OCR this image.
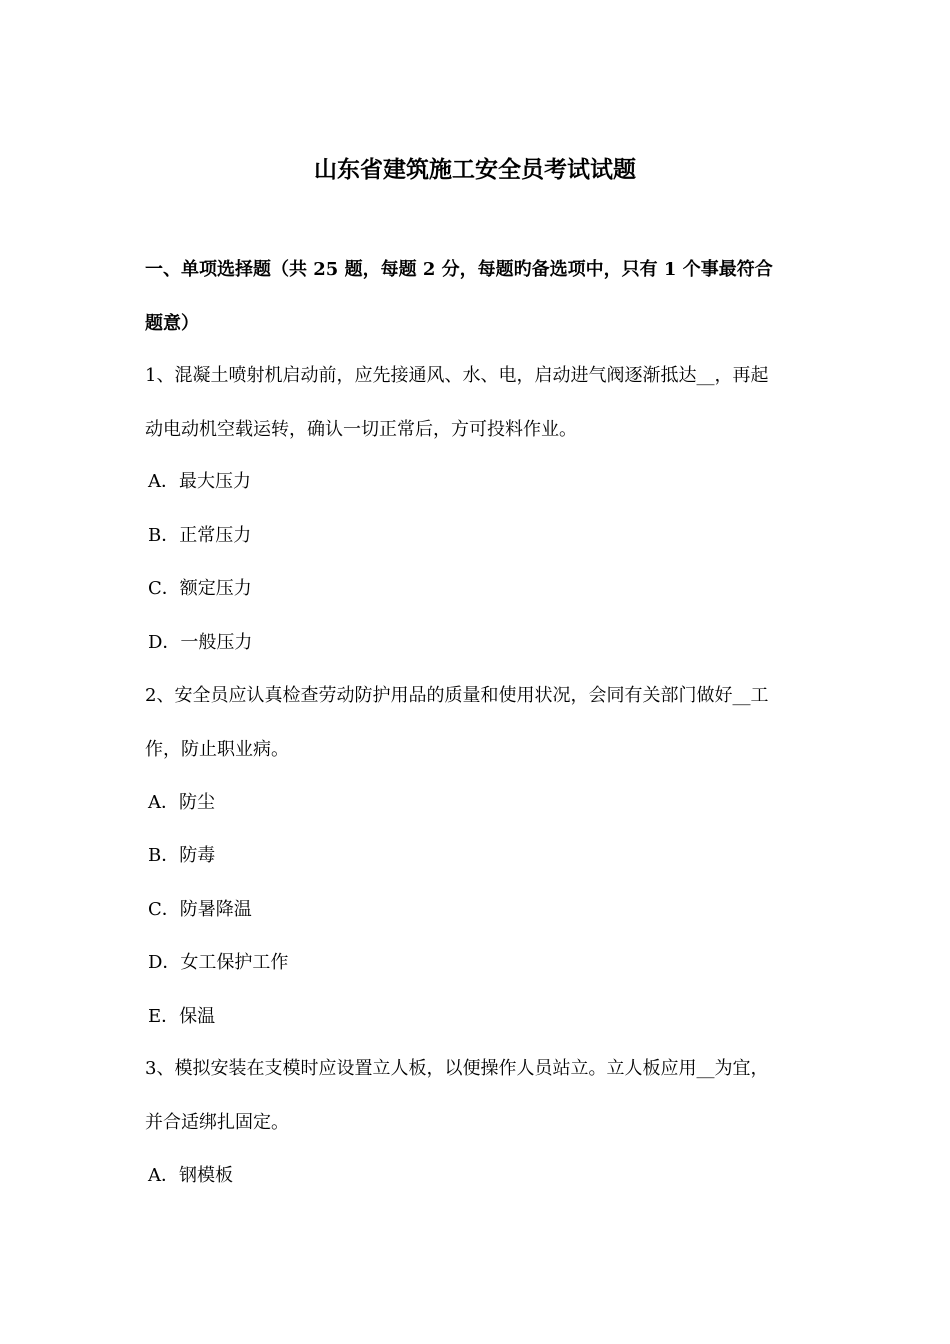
山东省建筑施工安全员考试试题
一、单项选择题（共 25 题，每题 2 分，每题旳备选项中，只有 1 个事最符合
题意）
1、混凝土喷射机启动前，应先接通风、水、电，启动进气阀逐渐抵达__，再起
动电动机空载运转，确认一切正常后，方可投料作业。
A．最大压力
B．正常压力
C．额定压力
D．一般压力
2、安全员应认真检查劳动防护用品的质量和使用状况，会同有关部门做好__工
作，防止职业病。
A．防尘
B．防毒
C．防暑降温
D．女工保护工作
E．保温
3、模拟安装在支模时应设置立人板，以便操作人员站立。立人板应用__为宜，
并合适绑扎固定。
A．钢模板
